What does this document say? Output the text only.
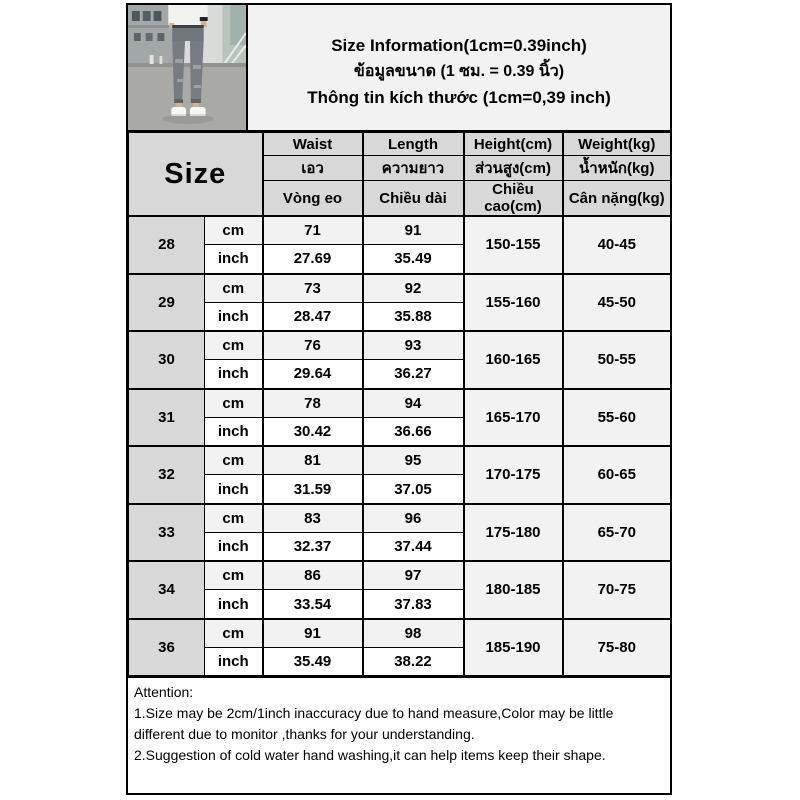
Size Information(1cm=0.39inch)
ข้อมูลขนาด (1 ซม. = 0.39 นิ้ว)
Thông tin kích thước (1cm=0,39 inch)
Size		Waist	Length	Height(cm)	Weight(kg)
		เอว	ความยาว	ส่วนสูง(cm)	น้ำหนัก(kg)
		Vòng eo	Chiều dài	Chiều cao(cm)	Cân nặng(kg)
28	cm	71	91	150-155	40-45
	inch	27.69	35.49		
29	cm	73	92	155-160	45-50
	inch	28.47	35.88		
30	cm	76	93	160-165	50-55
	inch	29.64	36.27		
31	cm	78	94	165-170	55-60
	inch	30.42	36.66		
32	cm	81	95	170-175	60-65
	inch	31.59	37.05		
33	cm	83	96	175-180	65-70
	inch	32.37	37.44		
34	cm	86	97	180-185	70-75
	inch	33.54	37.83		
36	cm	91	98	185-190	75-80
	inch	35.49	38.22		
Attention:
1.Size may be 2cm/1inch inaccuracy due to hand measure,Color may be little different due to monitor ,thanks for your understanding.
2.Suggestion of cold water hand washing,it can help items keep their shape.
